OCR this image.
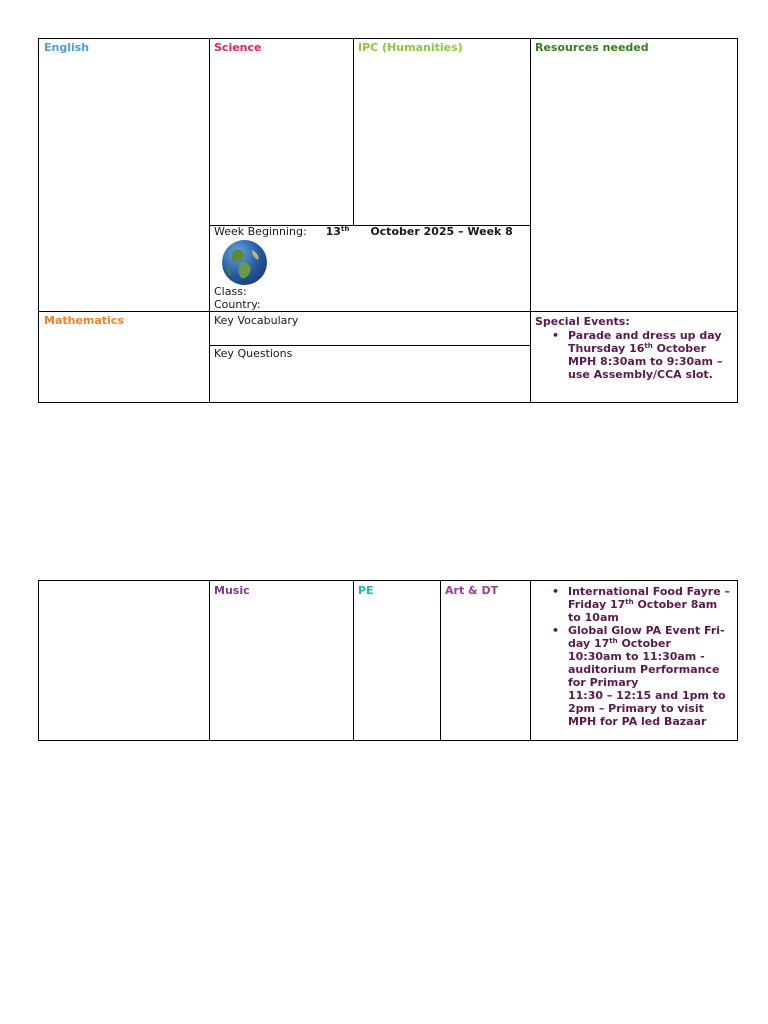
English	Science	IPC (Humanities)	Resources needed
Week Beginning: 13th October 2025 – Week 8
Class:
Country:
Mathematics	Key Vocabulary
Key Questions
Special Events:
• Parade and dress up day Thursday 16th October MPH 8:30am to 9:30am – use Assembly/CCA slot.
Music	PE	Art & DT	• International Food Fayre – Friday 17th October 8am to 10am
• Global Glow PA Event Fri-day 17th October
10:30am to 11:30am - auditorium Performance for Primary
11:30 – 12:15 and 1pm to 2pm – Primary to visit MPH for PA led Bazaar
